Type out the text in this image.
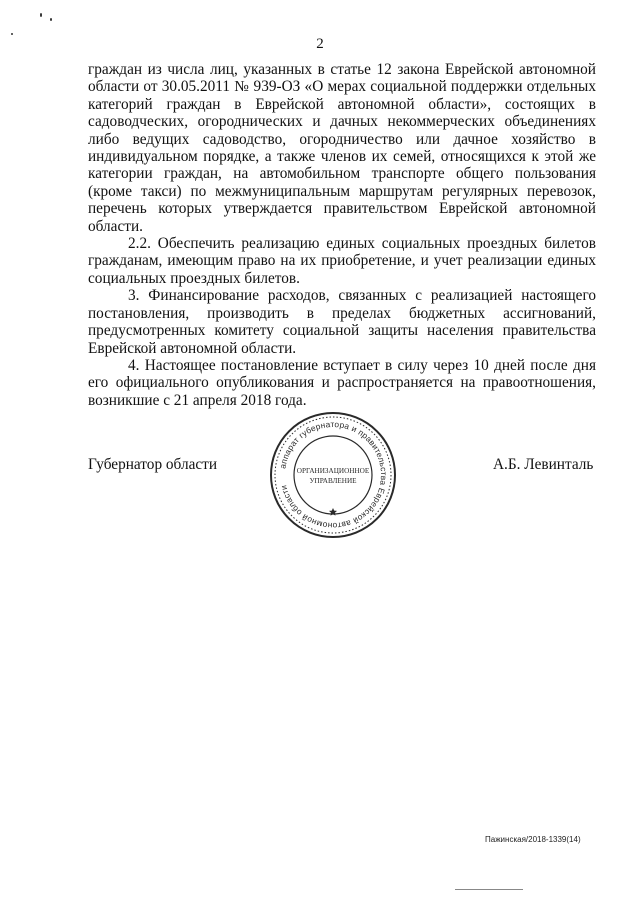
2

граждан из числа лиц, указанных в статье 12 закона Еврейской автономной области от 30.05.2011 № 939-ОЗ «О мерах социальной поддержки отдельных категорий граждан в Еврейской автономной области», состоящих в садоводческих, огороднических и дачных некоммерческих объединениях либо ведущих садоводство, огородничество или дачное хозяйство в индивидуальном порядке, а также членов их семей, относящихся к этой же категории граждан, на автомобильном транспорте общего пользования (кроме такси) по межмуниципальным маршрутам регулярных перевозок, перечень которых утверждается правительством Еврейской автономной области.

2.2. Обеспечить реализацию единых социальных проездных билетов гражданам, имеющим право на их приобретение, и учет реализации единых социальных проездных билетов.

3. Финансирование расходов, связанных с реализацией настоящего постановления, производить в пределах бюджетных ассигнований, предусмотренных комитету социальной защиты населения правительства Еврейской автономной области.

4. Настоящее постановление вступает в силу через 10 дней после дня его официального опубликования и распространяется на правоотношения, возникшие с 21 апреля 2018 года.

Губернатор области	А.Б. Левинталь
аппарат губернатора и правительства Еврейской автономной области
ОРГАНИЗАЦИОННОЕ
УПРАВЛЕНИЕ
Пажинская/2018-1339(14)
